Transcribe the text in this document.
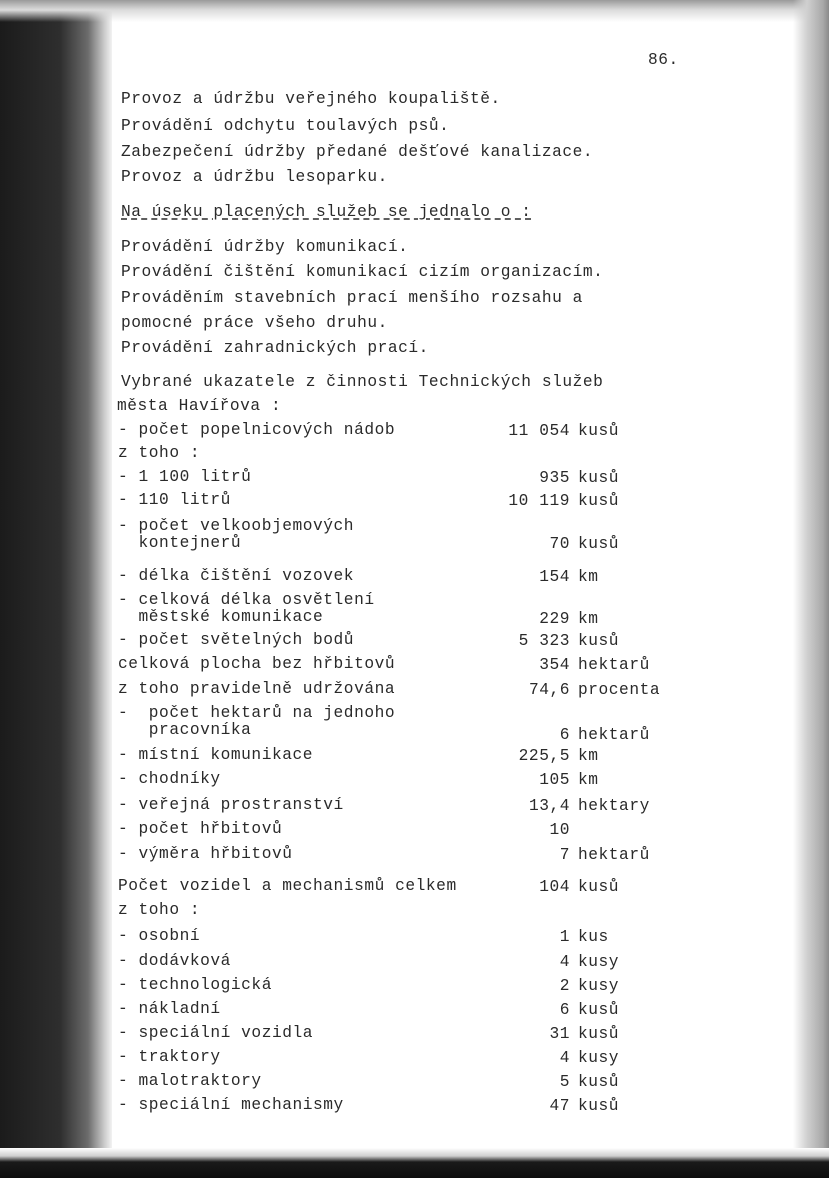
86.
Provoz a údržbu veřejného koupaliště.
Provádění odchytu toulavých psů.
Zabezpečení údržby předané dešťové kanalizace.
Provoz a údržbu lesoparku.
Na úseku placených služeb se jednalo o :
Provádění údržby komunikací.
Provádění čištění komunikací cizím organizacím.
Prováděním stavebních prací menšího rozsahu a
pomocné práce všeho druhu.
Provádění zahradnických prací.
Vybrané ukazatele z činnosti Technických služeb
města Havířova :
- počet popelnicových nádob	11 054 kusů
z toho :
- 1 100 litrů	935 kusů
- 110 litrů	10 119 kusů
- počet velkoobjemových
kontejnerů	70 kusů
- délka čištění vozovek	154 km
- celková délka osvětlení
městské komunikace	229 km
- počet světelných bodů	5 323 kusů
celková plocha bez hřbitovů	354 hektarů
z toho pravidelně udržována	74,6 procenta
-  počet hektarů na jednoho
pracovníka	6 hektarů
- místní komunikace	225,5 km
- chodníky	105 km
- veřejná prostranství	13,4 hektary
- počet hřbitovů	10
- výměra hřbitovů	7 hektarů
Počet vozidel a mechanismů celkem	104 kusů
z toho :
- osobní	1 kus
- dodávková	4 kusy
- technologická	2 kusy
- nákladní	6 kusů
- speciální vozidla	31 kusů
- traktory	4 kusy
- malotraktory	5 kusů
- speciální mechanismy	47 kusů
